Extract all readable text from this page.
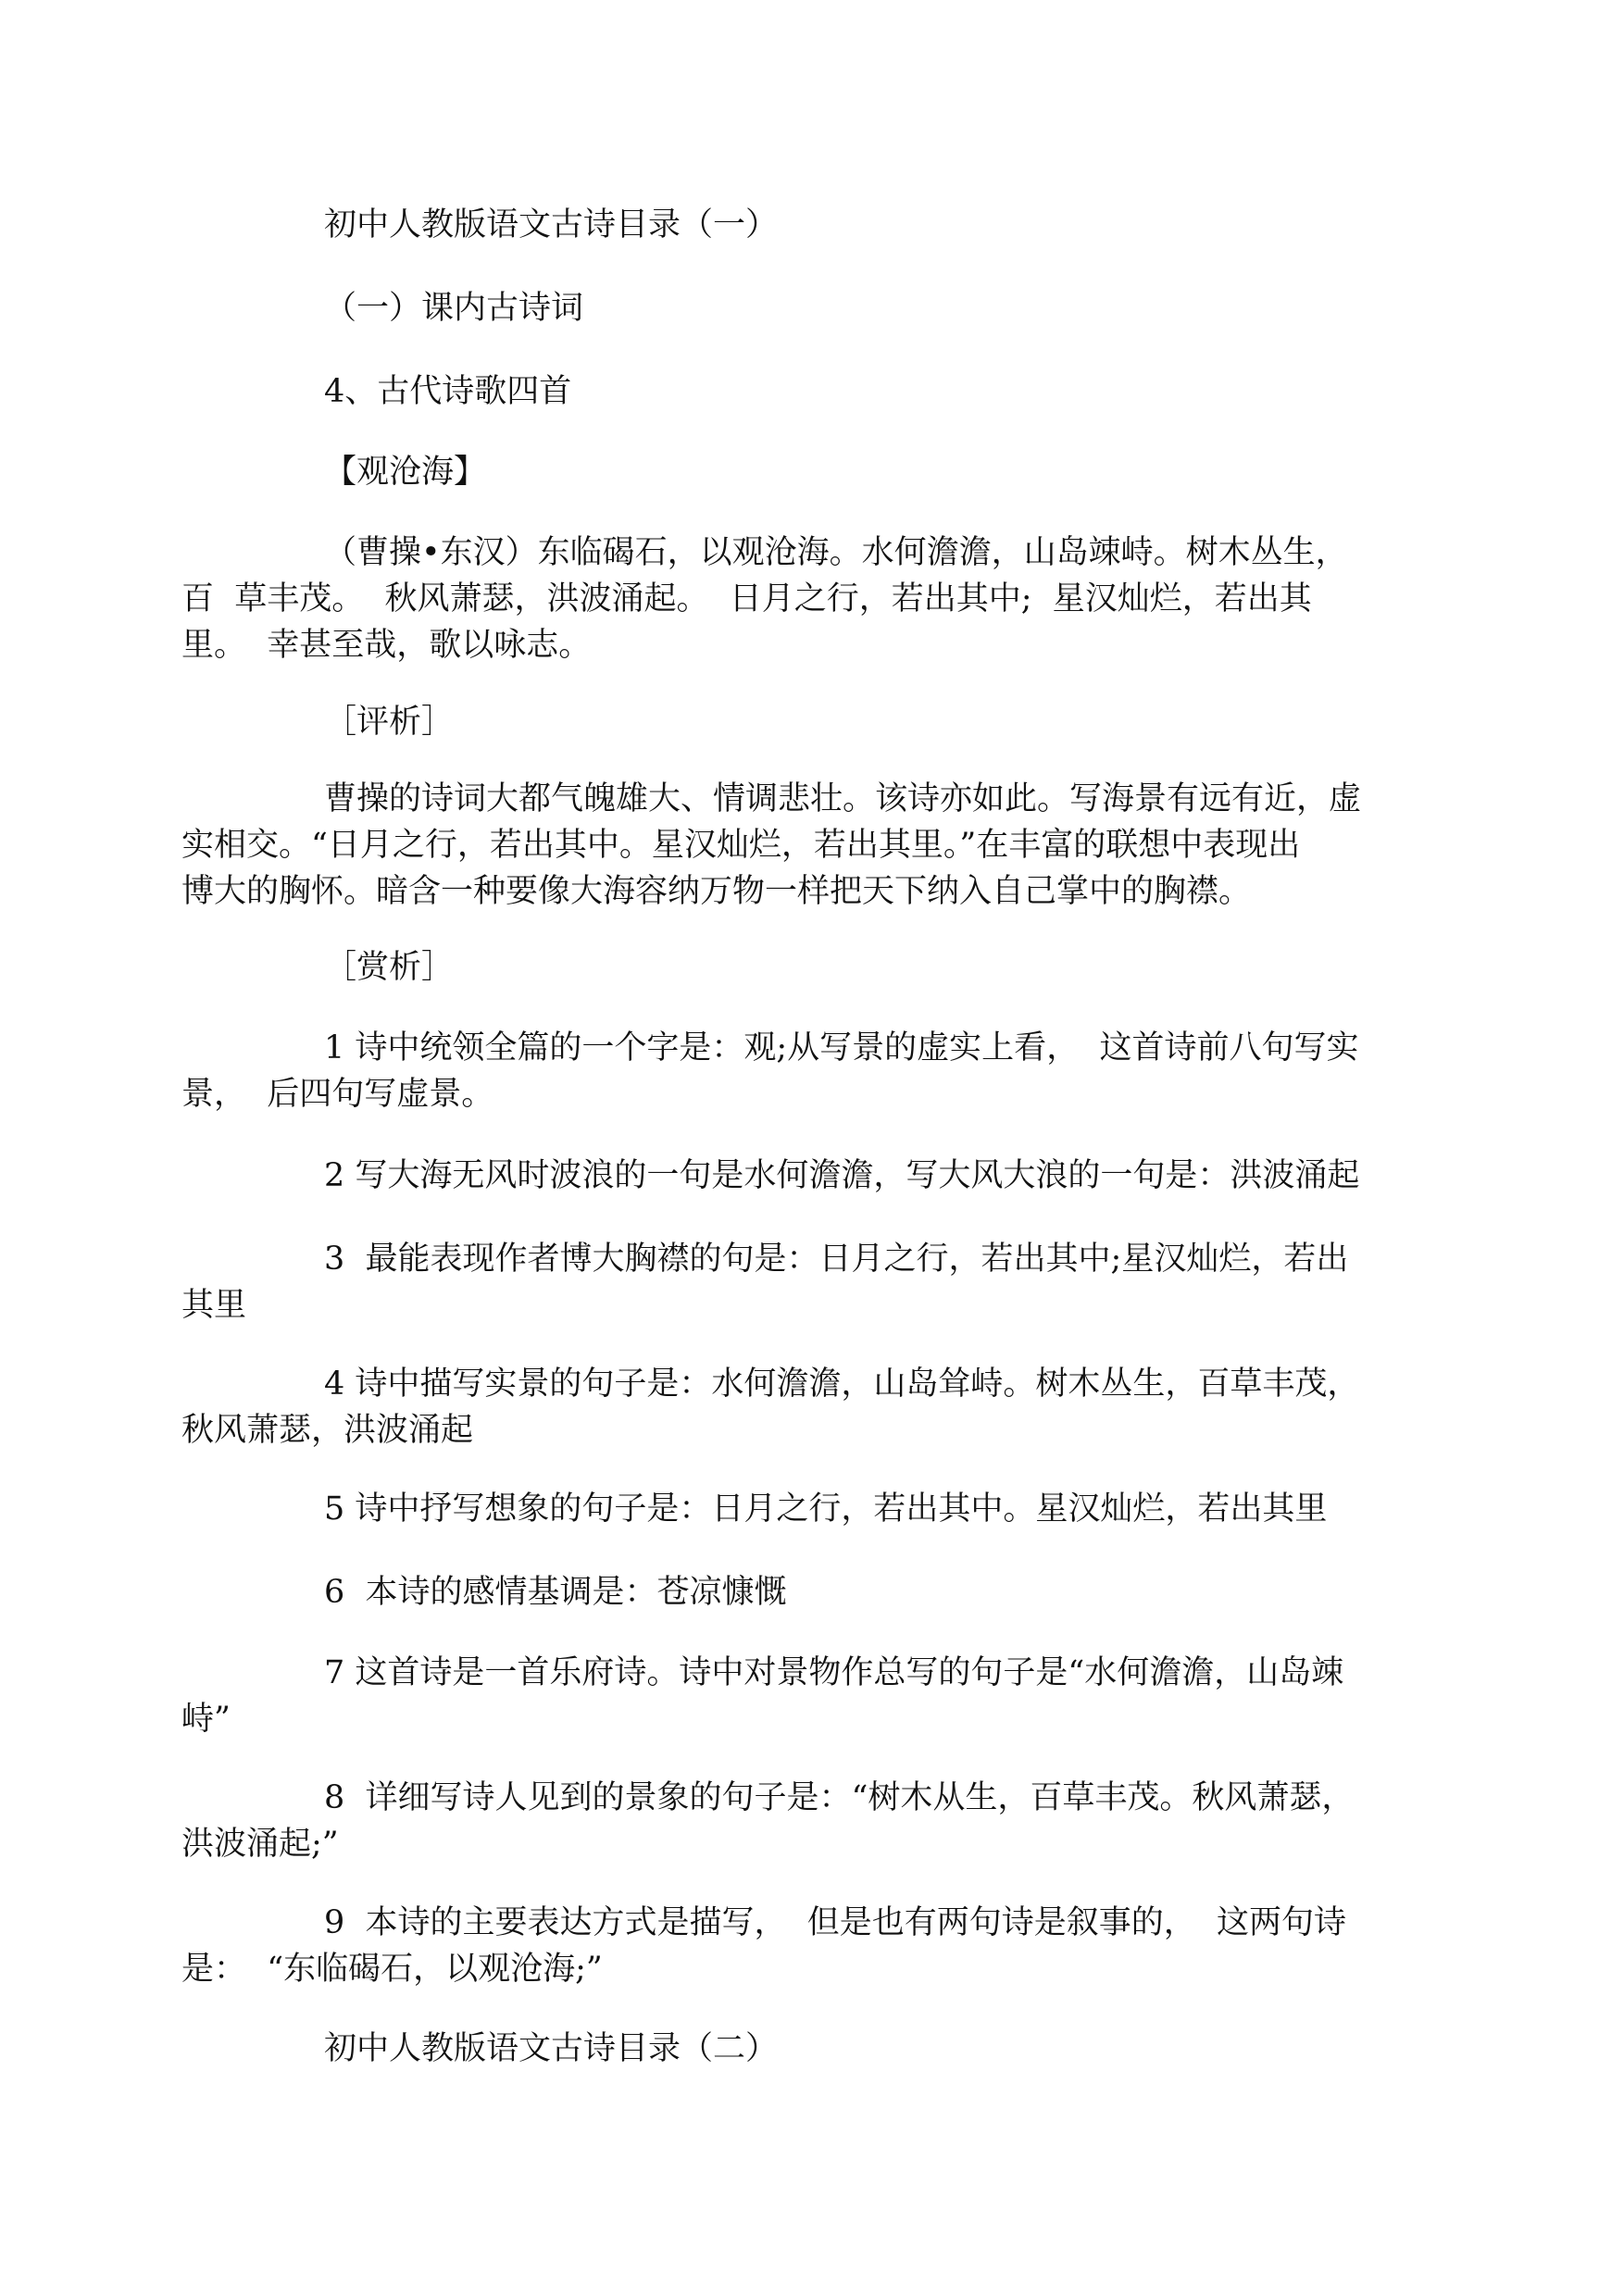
初中人教版语文古诗目录（一）

（一）课内古诗词

4、古代诗歌四首

【观沧海】

（曹操•东汉）东临碣石，以观沧海。水何澹澹，山岛竦峙。树木丛生，

百  草丰茂。  秋风萧瑟，洪波涌起。  日月之行，若出其中;  星汉灿烂，若出其

里。  幸甚至哉，歌以咏志。

［评析］

曹操的诗词大都气魄雄大、情调悲壮。该诗亦如此。写海景有远有近，虚

实相交。“日月之行，若出其中。星汉灿烂，若出其里。”在丰富的联想中表现出

博大的胸怀。暗含一种要像大海容纳万物一样把天下纳入自己掌中的胸襟。

［赏析］

1 诗中统领全篇的一个字是：观;从写景的虚实上看，  这首诗前八句写实

景，  后四句写虚景。

2 写大海无风时波浪的一句是水何澹澹，写大风大浪的一句是：洪波涌起

3  最能表现作者博大胸襟的句是：日月之行，若出其中;星汉灿烂，若出

其里

4 诗中描写实景的句子是：水何澹澹，山岛耸峙。树木丛生，百草丰茂，

秋风萧瑟，洪波涌起

5 诗中抒写想象的句子是：日月之行，若出其中。星汉灿烂，若出其里

6  本诗的感情基调是：苍凉慷慨

7 这首诗是一首乐府诗。诗中对景物作总写的句子是“水何澹澹，山岛竦

峙”

8  详细写诗人见到的景象的句子是：“树木从生，百草丰茂。秋风萧瑟，

洪波涌起;”

9  本诗的主要表达方式是描写，  但是也有两句诗是叙事的，  这两句诗

是：  “东临碣石，以观沧海;”

初中人教版语文古诗目录（二）
